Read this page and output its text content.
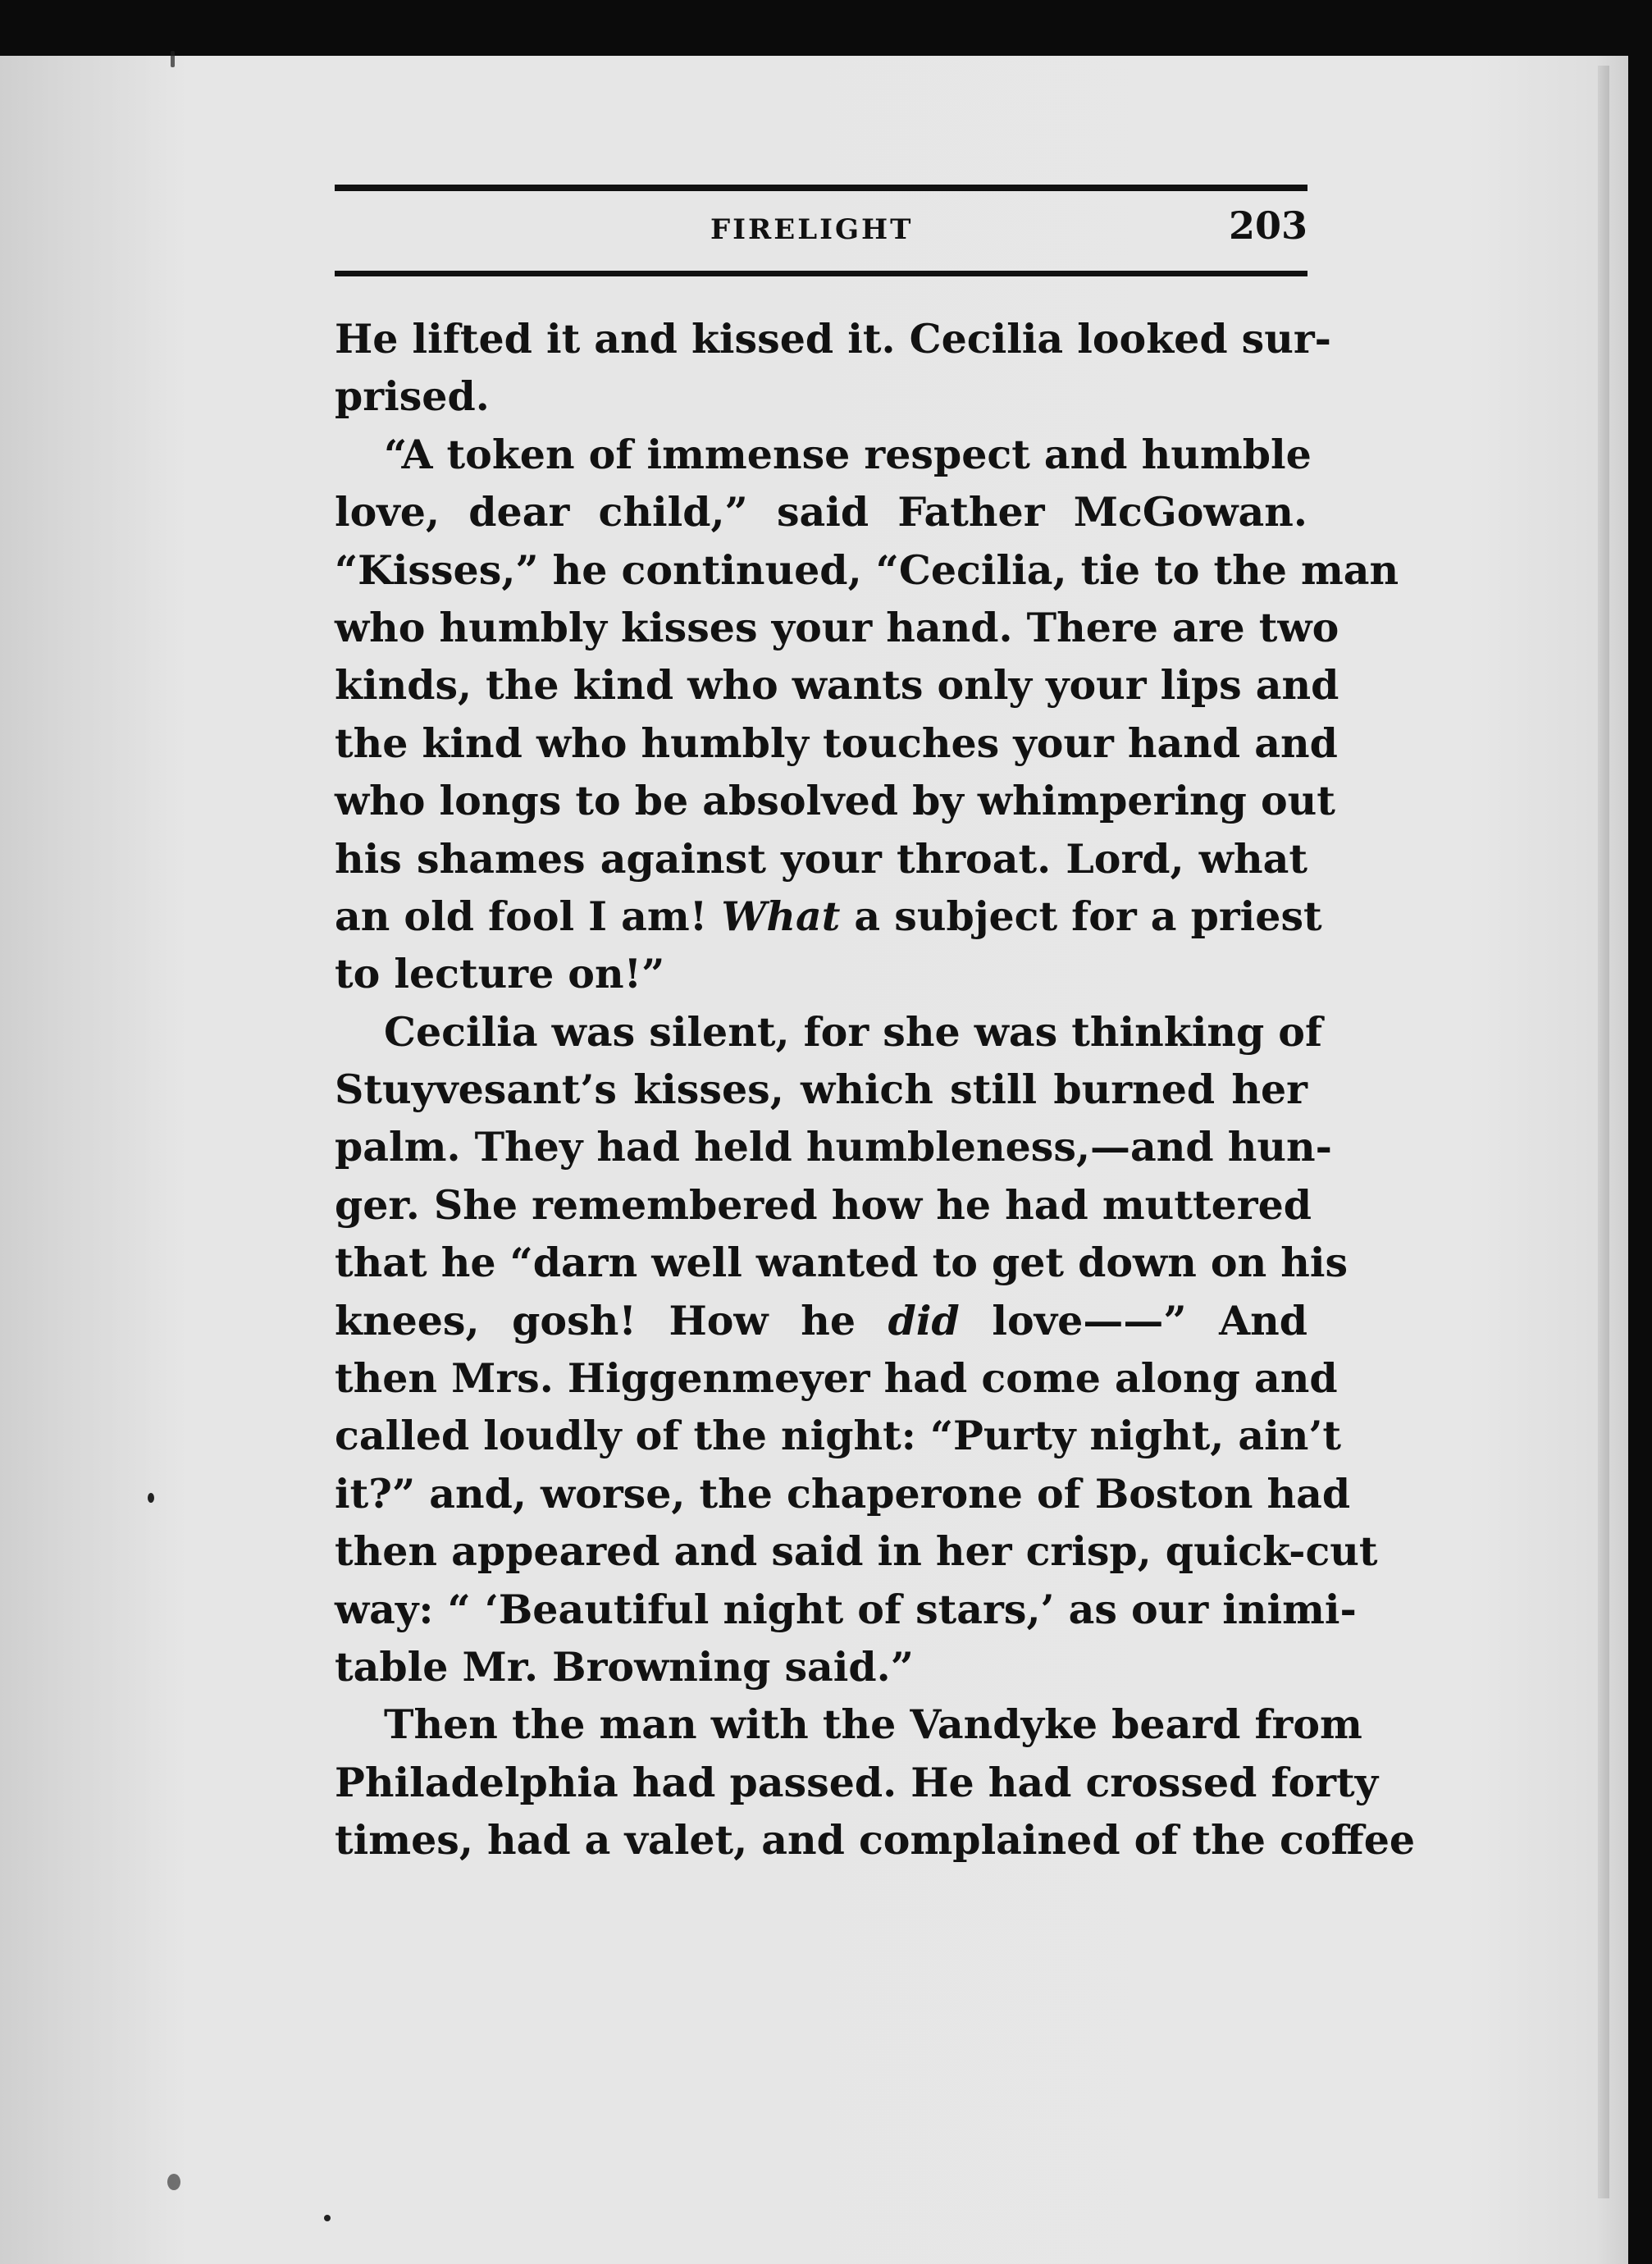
FIRELIGHT	203
He lifted it and kissed it. Cecilia looked sur-
prised.
“A token of immense respect and humble
love, dear child,” said Father McGowan.
“Kisses,” he continued, “Cecilia, tie to the man
who humbly kisses your hand. There are two
kinds, the kind who wants only your lips and
the kind who humbly touches your hand and
who longs to be absolved by whimpering out
his shames against your throat. Lord, what
an old fool I am! What a subject for a priest
to lecture on!”
Cecilia was silent, for she was thinking of
Stuyvesant’s kisses, which still burned her
palm. They had held humbleness,—and hun-
ger. She remembered how he had muttered
that he “darn well wanted to get down on his
knees, gosh! How he did love——” And
then Mrs. Higgenmeyer had come along and
called loudly of the night: “Purty night, ain’t
it?” and, worse, the chaperone of Boston had
then appeared and said in her crisp, quick-cut
way: “ ‘Beautiful night of stars,’ as our inimi-
table Mr. Browning said.”
Then the man with the Vandyke beard from
Philadelphia had passed. He had crossed forty
times, had a valet, and complained of the coffee
